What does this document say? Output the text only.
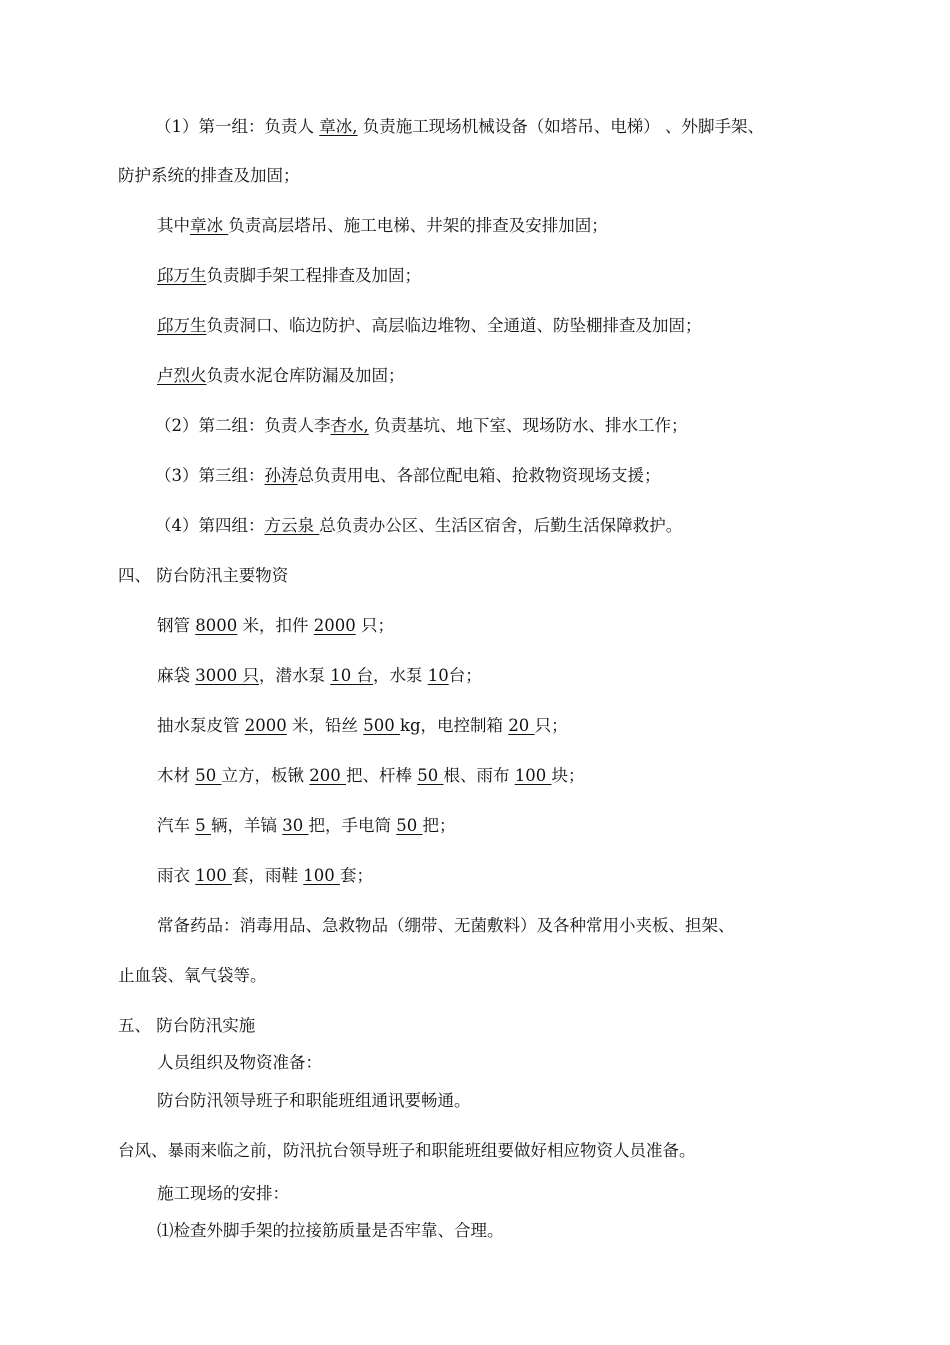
（1）第一组：负责人 章冰, 负责施工现场机械设备（如塔吊、电梯） 、外脚手架、
防护系统的排查及加固；
其中章冰 负责高层塔吊、施工电梯、井架的排查及安排加固；
邱万生负责脚手架工程排查及加固；
邱万生负责洞口、临边防护、高层临边堆物、全通道、防坠棚排查及加固；
卢烈火负责水泥仓库防漏及加固；
（2）第二组：负责人李杏水, 负责基坑、地下室、现场防水、排水工作；
（3）第三组：孙涛总负责用电、各部位配电箱、抢救物资现场支援；
（4）第四组：方云泉 总负责办公区、生活区宿舍，后勤生活保障救护。
四、 防台防汛主要物资
钢管 8000 米，扣件 2000 只；
麻袋 3000 只，潜水泵 10 台，水泵 10台；
抽水泵皮管 2000 米，铅丝 500 kg，电控制箱 20 只；
木材 50 立方，板锹 200 把、杆棒 50 根、雨布 100 块；
汽车 5 辆，羊镐 30 把，手电筒 50 把；
雨衣 100 套，雨鞋 100 套；
常备药品：消毒用品、急救物品（绷带、无菌敷料）及各种常用小夹板、担架、
止血袋、氧气袋等。
五、 防台防汛实施
人员组织及物资准备：
防台防汛领导班子和职能班组通讯要畅通。
台风、暴雨来临之前，防汛抗台领导班子和职能班组要做好相应物资人员准备。
施工现场的安排：
⑴检查外脚手架的拉接筋质量是否牢靠、合理。
